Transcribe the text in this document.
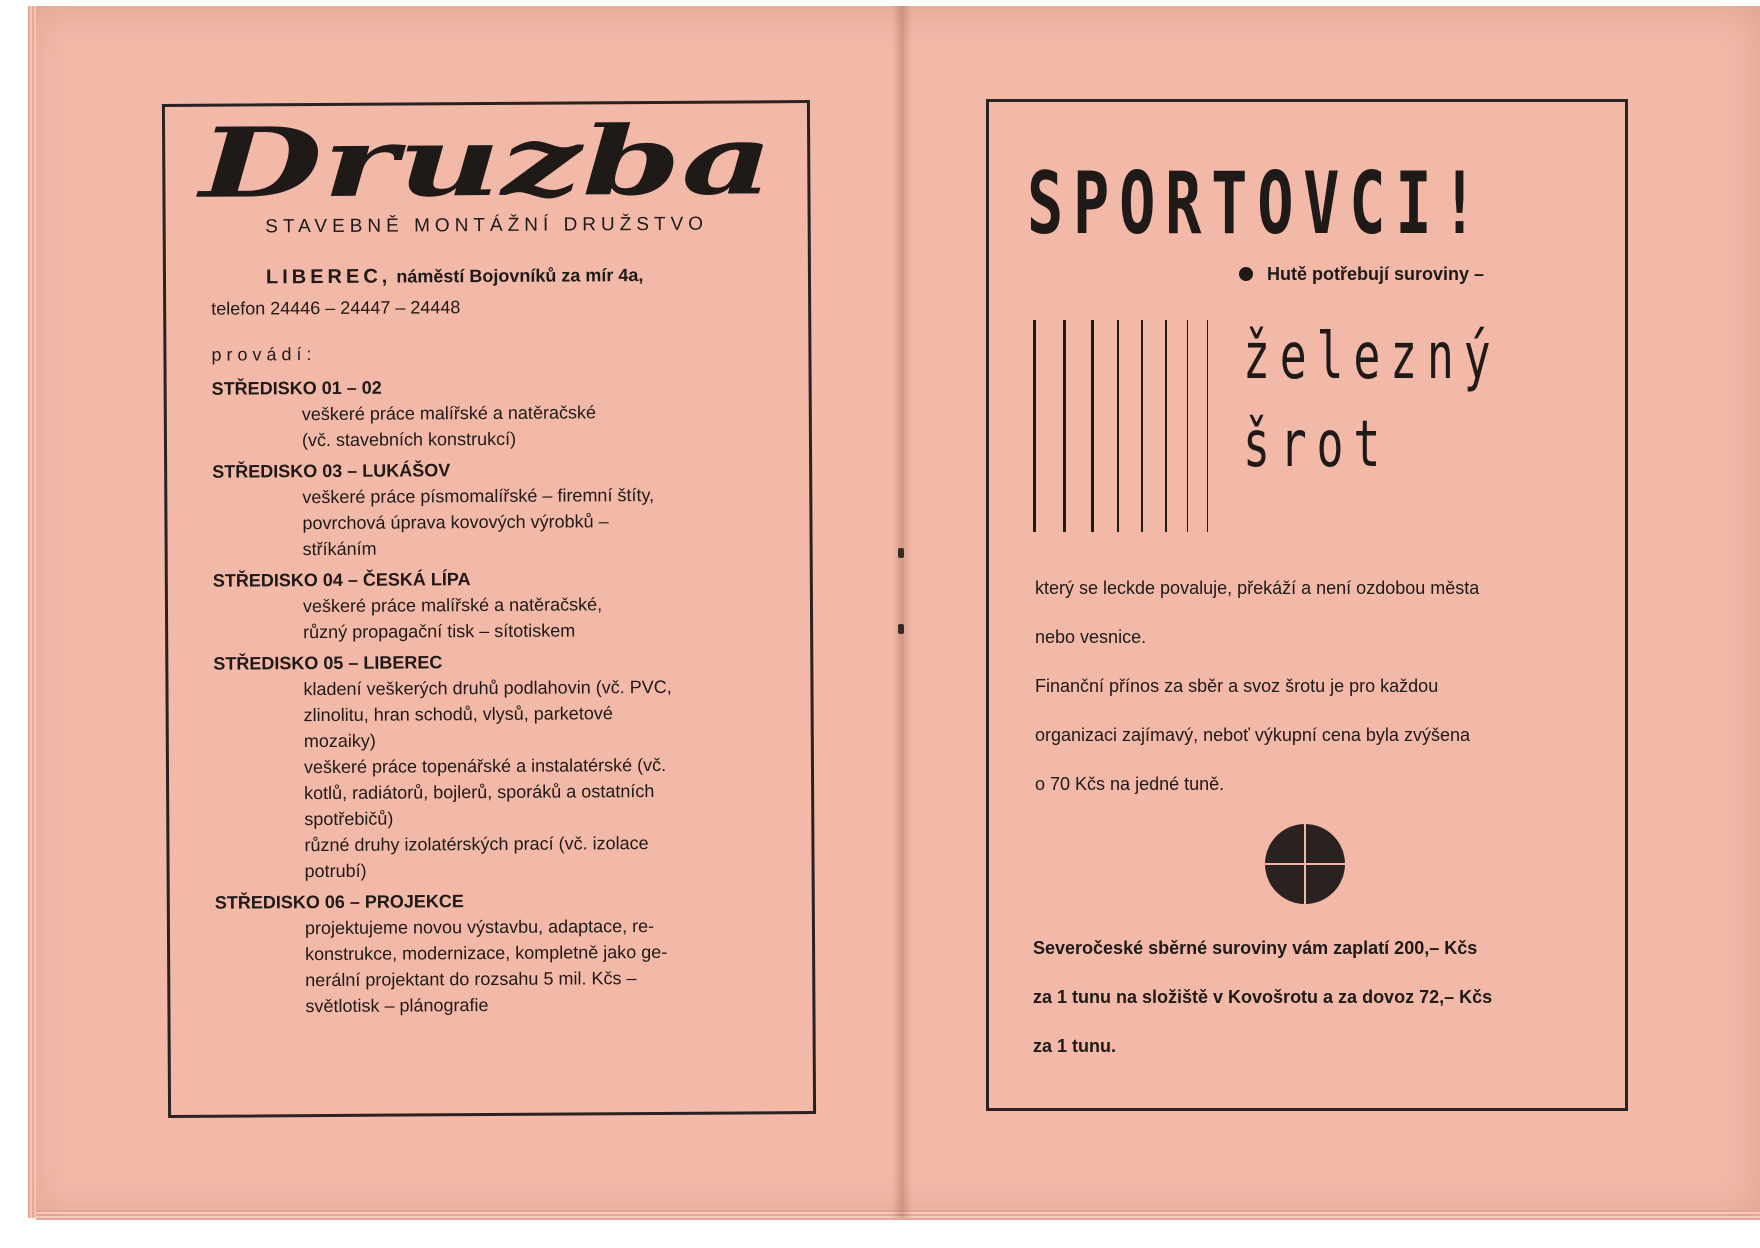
Druzba
STAVEBNĚ MONTÁŽNÍ DRUŽSTVO
LIBEREC, náměstí Bojovníků za mír 4a,
telefon 24446 – 24447 – 24448
provádí:
STŘEDISKO 01 – 02
veškeré práce malířské a natěračské
(vč. stavebních konstrukcí)
STŘEDISKO 03 – LUKÁŠOV
veškeré práce písmomalířské – firemní štíty,
povrchová úprava kovových výrobků –
stříkáním
STŘEDISKO 04 – ČESKÁ LÍPA
veškeré práce malířské a natěračské,
různý propagační tisk – sítotiskem
STŘEDISKO 05 – LIBEREC
kladení veškerých druhů podlahovin (vč. PVC,
zlinolitu, hran schodů, vlysů, parketové
mozaiky)
veškeré práce topenářské a instalatérské (vč.
kotlů, radiátorů, bojlerů, sporáků a ostatních
spotřebičů)
různé druhy izolatérských prací (vč. izolace
potrubí)
STŘEDISKO 06 – PROJEKCE
projektujeme novou výstavbu, adaptace, re-
konstrukce, modernizace, kompletně jako ge-
nerální projektant do rozsahu 5 mil. Kčs –
světlotisk – plánografie
SPORTOVCI!
Hutě potřebují suroviny –
železný
šrot

který se leckde povaluje, překáží a není ozdobou města

nebo vesnice.

Finanční přínos za sběr a svoz šrotu je pro každou

organizaci zajímavý, neboť výkupní cena byla zvýšena

o 70 Kčs na jedné tuně.

Severočeské sběrné suroviny vám zaplatí 200,– Kčs

za 1 tunu na složiště v Kovošrotu a za dovoz 72,– Kčs

za 1 tunu.
